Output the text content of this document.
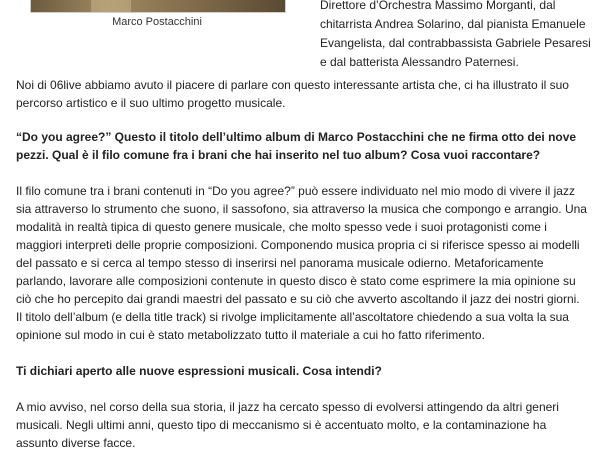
Marco Postacchini
Direttore d’Orchestra Massimo Morganti, dal chitarrista Andrea Solarino, dal pianista Emanuele Evangelista, dal contrabbassista Gabriele Pesaresi e dal batterista Alessandro Paternesi.

Noi di 06live abbiamo avuto il piacere di parlare con questo interessante artista che, ci ha illustrato il suo percorso artistico e il suo ultimo progetto musicale.

“Do you agree?” Questo il titolo dell’ultimo album di Marco Postacchini che ne firma otto dei nove pezzi. Qual è il filo comune fra i brani che hai inserito nel tuo album? Cosa vuoi raccontare?

Il filo comune tra i brani contenuti in “Do you agree?” può essere individuato nel mio modo di vivere il jazz sia attraverso lo strumento che suono, il sassofono, sia attraverso la musica che compongo e arrangio. Una modalità in realtà tipica di questo genere musicale, che molto spesso vede i suoi protagonisti come i maggiori interpreti delle proprie composizioni. Componendo musica propria ci si riferisce spesso ai modelli del passato e si cerca al tempo stesso di inserirsi nel panorama musicale odierno. Metaforicamente parlando, lavorare alle composizioni contenute in questo disco è stato come esprimere la mia opinione su ciò che ho percepito dai grandi maestri del passato e su ciò che avverto ascoltando il jazz dei nostri giorni. Il titolo dell’album (e della title track) si rivolge implicitamente all’ascoltatore chiedendo a sua volta la sua opinione sul modo in cui è stato metabolizzato tutto il materiale a cui ho fatto riferimento.

Ti dichiari aperto alle nuove espressioni musicali. Cosa intendi?

A mio avviso, nel corso della sua storia, il jazz ha cercato spesso di evolversi attingendo da altri generi musicali. Negli ultimi anni, questo tipo di meccanismo si è accentuato molto, e la contaminazione ha assunto diverse facce.
